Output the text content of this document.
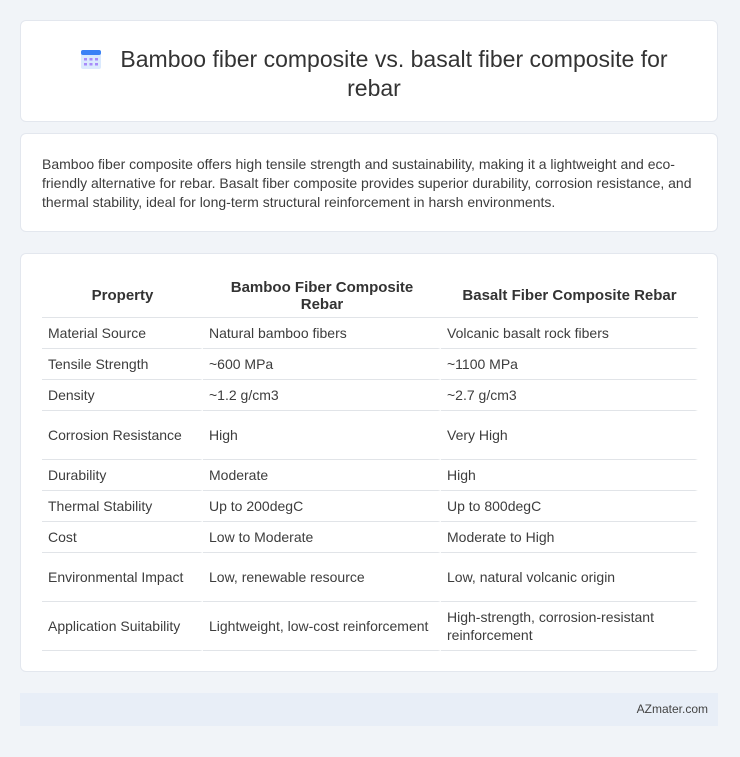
Bamboo fiber composite vs. basalt fiber composite for rebar

Bamboo fiber composite offers high tensile strength and sustainability, making it a lightweight and eco-friendly alternative for rebar. Basalt fiber composite provides superior durability, corrosion resistance, and thermal stability, ideal for long-term structural reinforcement in harsh environments.

Property	Bamboo Fiber Composite Rebar	Basalt Fiber Composite Rebar
Material Source	Natural bamboo fibers	Volcanic basalt rock fibers
Tensile Strength	~600 MPa	~1100 MPa
Density	~1.2 g/cm3	~2.7 g/cm3
Corrosion Resistance	High	Very High
Durability	Moderate	High
Thermal Stability	Up to 200degC	Up to 800degC
Cost	Low to Moderate	Moderate to High
Environmental Impact	Low, renewable resource	Low, natural volcanic origin
Application Suitability	Lightweight, low-cost reinforcement	High-strength, corrosion-resistant reinforcement
AZmater.com
